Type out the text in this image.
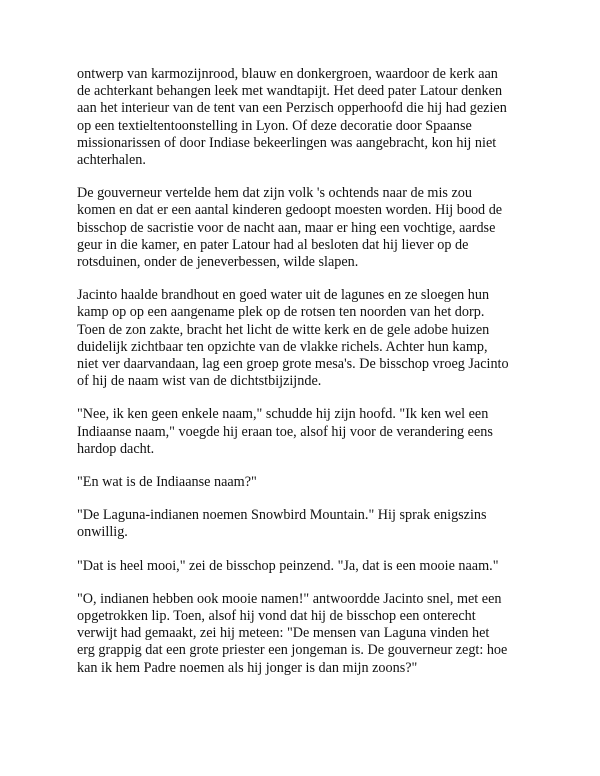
ontwerp van karmozijnrood, blauw en donkergroen, waardoor de kerk aan
de achterkant behangen leek met wandtapijt. Het deed pater Latour denken
aan het interieur van de tent van een Perzisch opperhoofd die hij had gezien
op een textieltentoonstelling in Lyon. Of deze decoratie door Spaanse
missionarissen of door Indiase bekeerlingen was aangebracht, kon hij niet
achterhalen.

De gouverneur vertelde hem dat zijn volk 's ochtends naar de mis zou
komen en dat er een aantal kinderen gedoopt moesten worden. Hij bood de
bisschop de sacristie voor de nacht aan, maar er hing een vochtige, aardse
geur in die kamer, en pater Latour had al besloten dat hij liever op de
rotsduinen, onder de jeneverbessen, wilde slapen.

Jacinto haalde brandhout en goed water uit de lagunes en ze sloegen hun
kamp op op een aangename plek op de rotsen ten noorden van het dorp.
Toen de zon zakte, bracht het licht de witte kerk en de gele adobe huizen
duidelijk zichtbaar ten opzichte van de vlakke richels. Achter hun kamp,
niet ver daarvandaan, lag een groep grote mesa's. De bisschop vroeg Jacinto
of hij de naam wist van de dichtstbijzijnde.

"Nee, ik ken geen enkele naam," schudde hij zijn hoofd. "Ik ken wel een
Indiaanse naam," voegde hij eraan toe, alsof hij voor de verandering eens
hardop dacht.

"En wat is de Indiaanse naam?"

"De Laguna-indianen noemen Snowbird Mountain." Hij sprak enigszins
onwillig.

"Dat is heel mooi," zei de bisschop peinzend. "Ja, dat is een mooie naam."

"O, indianen hebben ook mooie namen!" antwoordde Jacinto snel, met een
opgetrokken lip. Toen, alsof hij vond dat hij de bisschop een onterecht
verwijt had gemaakt, zei hij meteen: "De mensen van Laguna vinden het
erg grappig dat een grote priester een jongeman is. De gouverneur zegt: hoe
kan ik hem Padre noemen als hij jonger is dan mijn zoons?"
